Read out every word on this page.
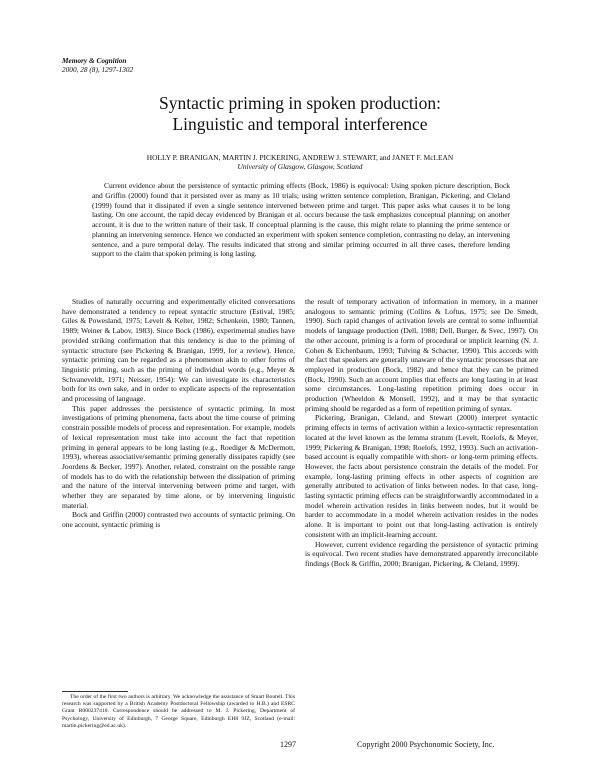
Memory & Cognition
2000, 28 (8), 1297-1302
Syntactic priming in spoken production:
Linguistic and temporal interference
HOLLY P. BRANIGAN, MARTIN J. PICKERING, ANDREW J. STEWART, and JANET F. McLEAN
University of Glasgow, Glasgow, Scotland
Current evidence about the persistence of syntactic priming effects (Bock, 1986) is equivocal: Using spoken picture description, Bock and Griffin (2000) found that it persisted over as many as 10 trials; using written sentence completion, Branigan, Pickering, and Cleland (1999) found that it dissipated if even a single sentence intervened between prime and target. This paper asks what causes it to be long lasting. On one account, the rapid decay evidenced by Branigan et al. occurs because the task emphasizes conceptual planning; on another account, it is due to the written nature of their task. If conceptual planning is the cause, this might relate to planning the prime sentence or planning an intervening sentence. Hence we conducted an experiment with spoken sentence completion, contrasting no delay, an intervening sentence, and a pure temporal delay. The results indicated that strong and similar priming occurred in all three cases, therefore lending support to the claim that spoken priming is long lasting.

Studies of naturally occurring and experimentally elicited conversations have demonstrated a tendency to repeat syntactic structure (Estival, 1985; Giles & Powesland, 1975; Levelt & Kelter, 1982; Schenkein, 1980; Tannen, 1989; Weiner & Labov, 1983). Since Bock (1986), experimental studies have provided striking confirmation that this tendency is due to the priming of syntactic structure (see Pickering & Branigan, 1999, for a review). Hence, syntactic priming can be regarded as a phenomenon akin to other forms of linguistic priming, such as the priming of individual words (e.g., Meyer & Schvaneveldt, 1971; Neisser, 1954): We can investigate its characteristics both for its own sake, and in order to explicate aspects of the representation and processing of language.

This paper addresses the persistence of syntactic priming. In most investigations of priming phenomena, facts about the time course of priming constrain possible models of process and representation. For example, models of lexical representation must take into account the fact that repetition priming in general appears to be long lasting (e.g., Roediger & McDermott, 1993), whereas associative/semantic priming generally dissipates rapidly (see Joordens & Becker, 1997). Another, related, constraint on the possible range of models has to do with the relationship between the dissipation of priming and the nature of the interval intervening between prime and target, with whether they are separated by time alone, or by intervening linguistic material.

Bock and Griffin (2000) contrasted two accounts of syntactic priming. On one account, syntactic priming is

The order of the first two authors is arbitrary. We acknowledge the assistance of Stuart Boutell. This research was supported by a British Academy Postdoctoral Fellowship (awarded to H.B.) and ESRC Grant R000237418. Correspondence should be addressed to M. J. Pickering, Department of Psychology, University of Edinburgh, 7 George Square, Edinburgh EH8 9JZ, Scotland (e-mail: martin.pickering@ed.ac.uk).

the result of temporary activation of information in memory, in a manner analogous to semantic priming (Collins & Loftus, 1975; see De Smedt, 1990). Such rapid changes of activation levels are central to some influential models of language production (Dell, 1988; Dell, Burger, & Svec, 1997). On the other account, priming is a form of procedural or implicit learning (N. J. Cohen & Eichenbaum, 1993; Tulving & Schacter, 1990). This accords with the fact that speakers are generally unaware of the syntactic processes that are employed in production (Bock, 1982) and hence that they can be primed (Bock, 1990). Such an account implies that effects are long lasting in at least some circumstances. Long-lasting repetition priming does occur in production (Wheeldon & Monsell, 1992), and it may be that syntactic priming should be regarded as a form of repetition priming of syntax.

Pickering, Branigan, Cleland, and Stewart (2000) interpret syntactic priming effects in terms of activation within a lexico-syntactic representation located at the level known as the lemma stratum (Levelt, Roelofs, & Meyer, 1999; Pickering & Branigan, 1998; Roelofs, 1992, 1993). Such an activation-based account is equally compatible with short- or long-term priming effects. However, the facts about persistence constrain the details of the model. For example, long-lasting priming effects in other aspects of cognition are generally attributed to activation of links between nodes. In that case, long-lasting syntactic priming effects can be straightforwardly accommodated in a model wherein activation resides in links between nodes, but it would be harder to accommodate in a model wherein activation resides in the nodes alone. It is important to point out that long-lasting activation is entirely consistent with an implicit-learning account.

However, current evidence regarding the persistence of syntactic priming is equivocal. Two recent studies have demonstrated apparently irreconcilable findings (Bock & Griffin, 2000; Branigan, Pickering, & Cleland, 1999).

1297	Copyright 2000 Psychonomic Society, Inc.
